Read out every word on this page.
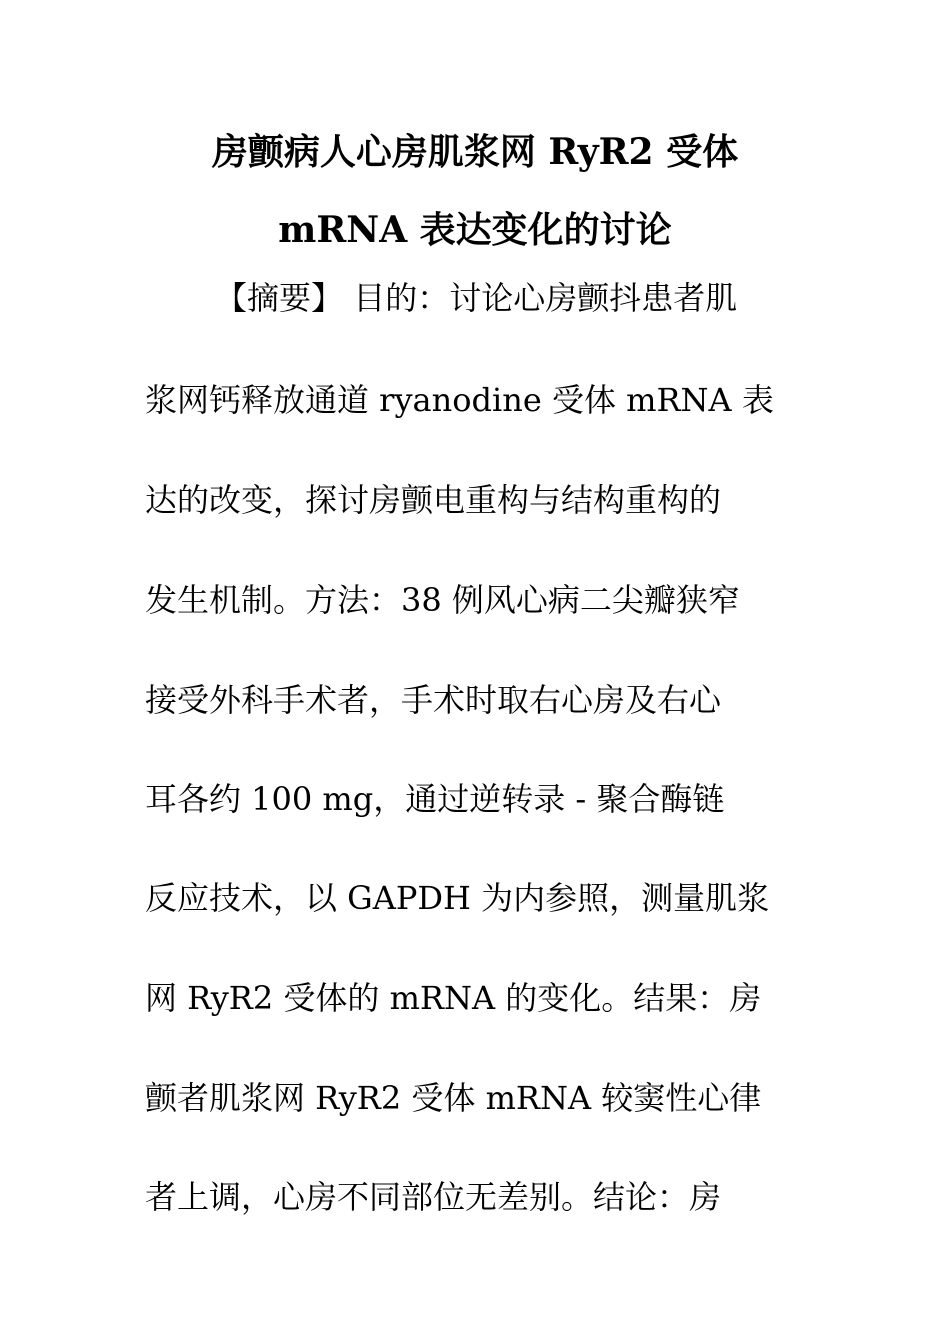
房颤病人心房肌浆网 RyR2 受体
mRNA 表达变化的讨论
【摘要】 目的：讨论心房颤抖患者肌
浆网钙释放通道 ryanodine 受体 mRNA 表
达的改变，探讨房颤电重构与结构重构的
发生机制。方法：38 例风心病二尖瓣狭窄
接受外科手术者，手术时取右心房及右心
耳各约 100 mg，通过逆转录 - 聚合酶链
反应技术，以 GAPDH 为内参照，测量肌浆
网 RyR2 受体的 mRNA 的变化。结果：房
颤者肌浆网 RyR2 受体 mRNA 较窦性心律
者上调，心房不同部位无差别。结论：房
